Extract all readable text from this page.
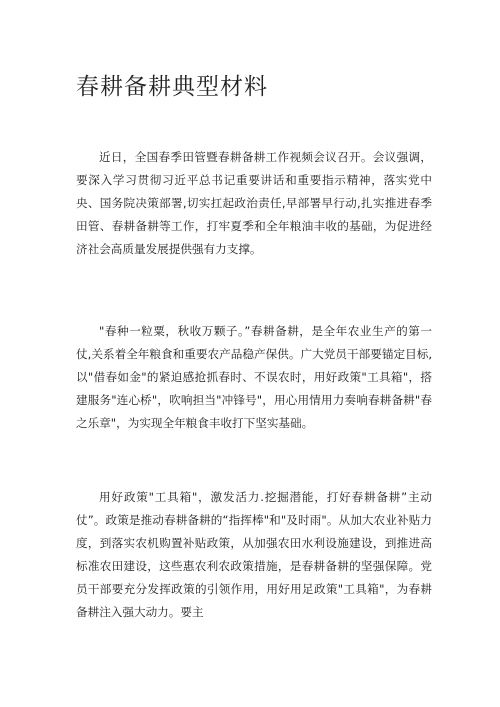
春耕备耕典型材料

近日，全国春季田管暨春耕备耕工作视频会议召开。会议强调，要深入学习贯彻习近平总书记重要讲话和重要指示精神，落实党中央、国务院决策部署,切实扛起政治责任,早部署早行动,扎实推进春季田管、春耕备耕等工作，打牢夏季和全年粮油丰收的基础，为促进经济社会高质量发展提供强有力支撑。

"春种一粒粟，秋收万颗子。”春耕备耕，是全年农业生产的第一仗,关系着全年粮食和重要农产品稳产保供。广大党员干部要锚定目标,以"借春如金"的紧迫感抢抓春时、不误农时，用好政策"工具箱"，搭建服务"连心桥"，吹响担当"冲锋号"，用心用情用力奏响春耕备耕"春之乐章"，为实现全年粮食丰收打下坚实基础。

用好政策"工具箱"，激发活力.挖掘潜能，打好春耕备耕”主动仗”。政策是推动春耕备耕的“指挥棒"和"及时雨"。从加大农业补贴力度，到落实农机购置补贴政策，从加强农田水利设施建设，到推进高标准农田建设，这些惠农利农政策措施，是春耕备耕的坚强保障。党员干部要充分发挥政策的引领作用，用好用足政策"工具箱"，为春耕备耕注入强大动力。要主
